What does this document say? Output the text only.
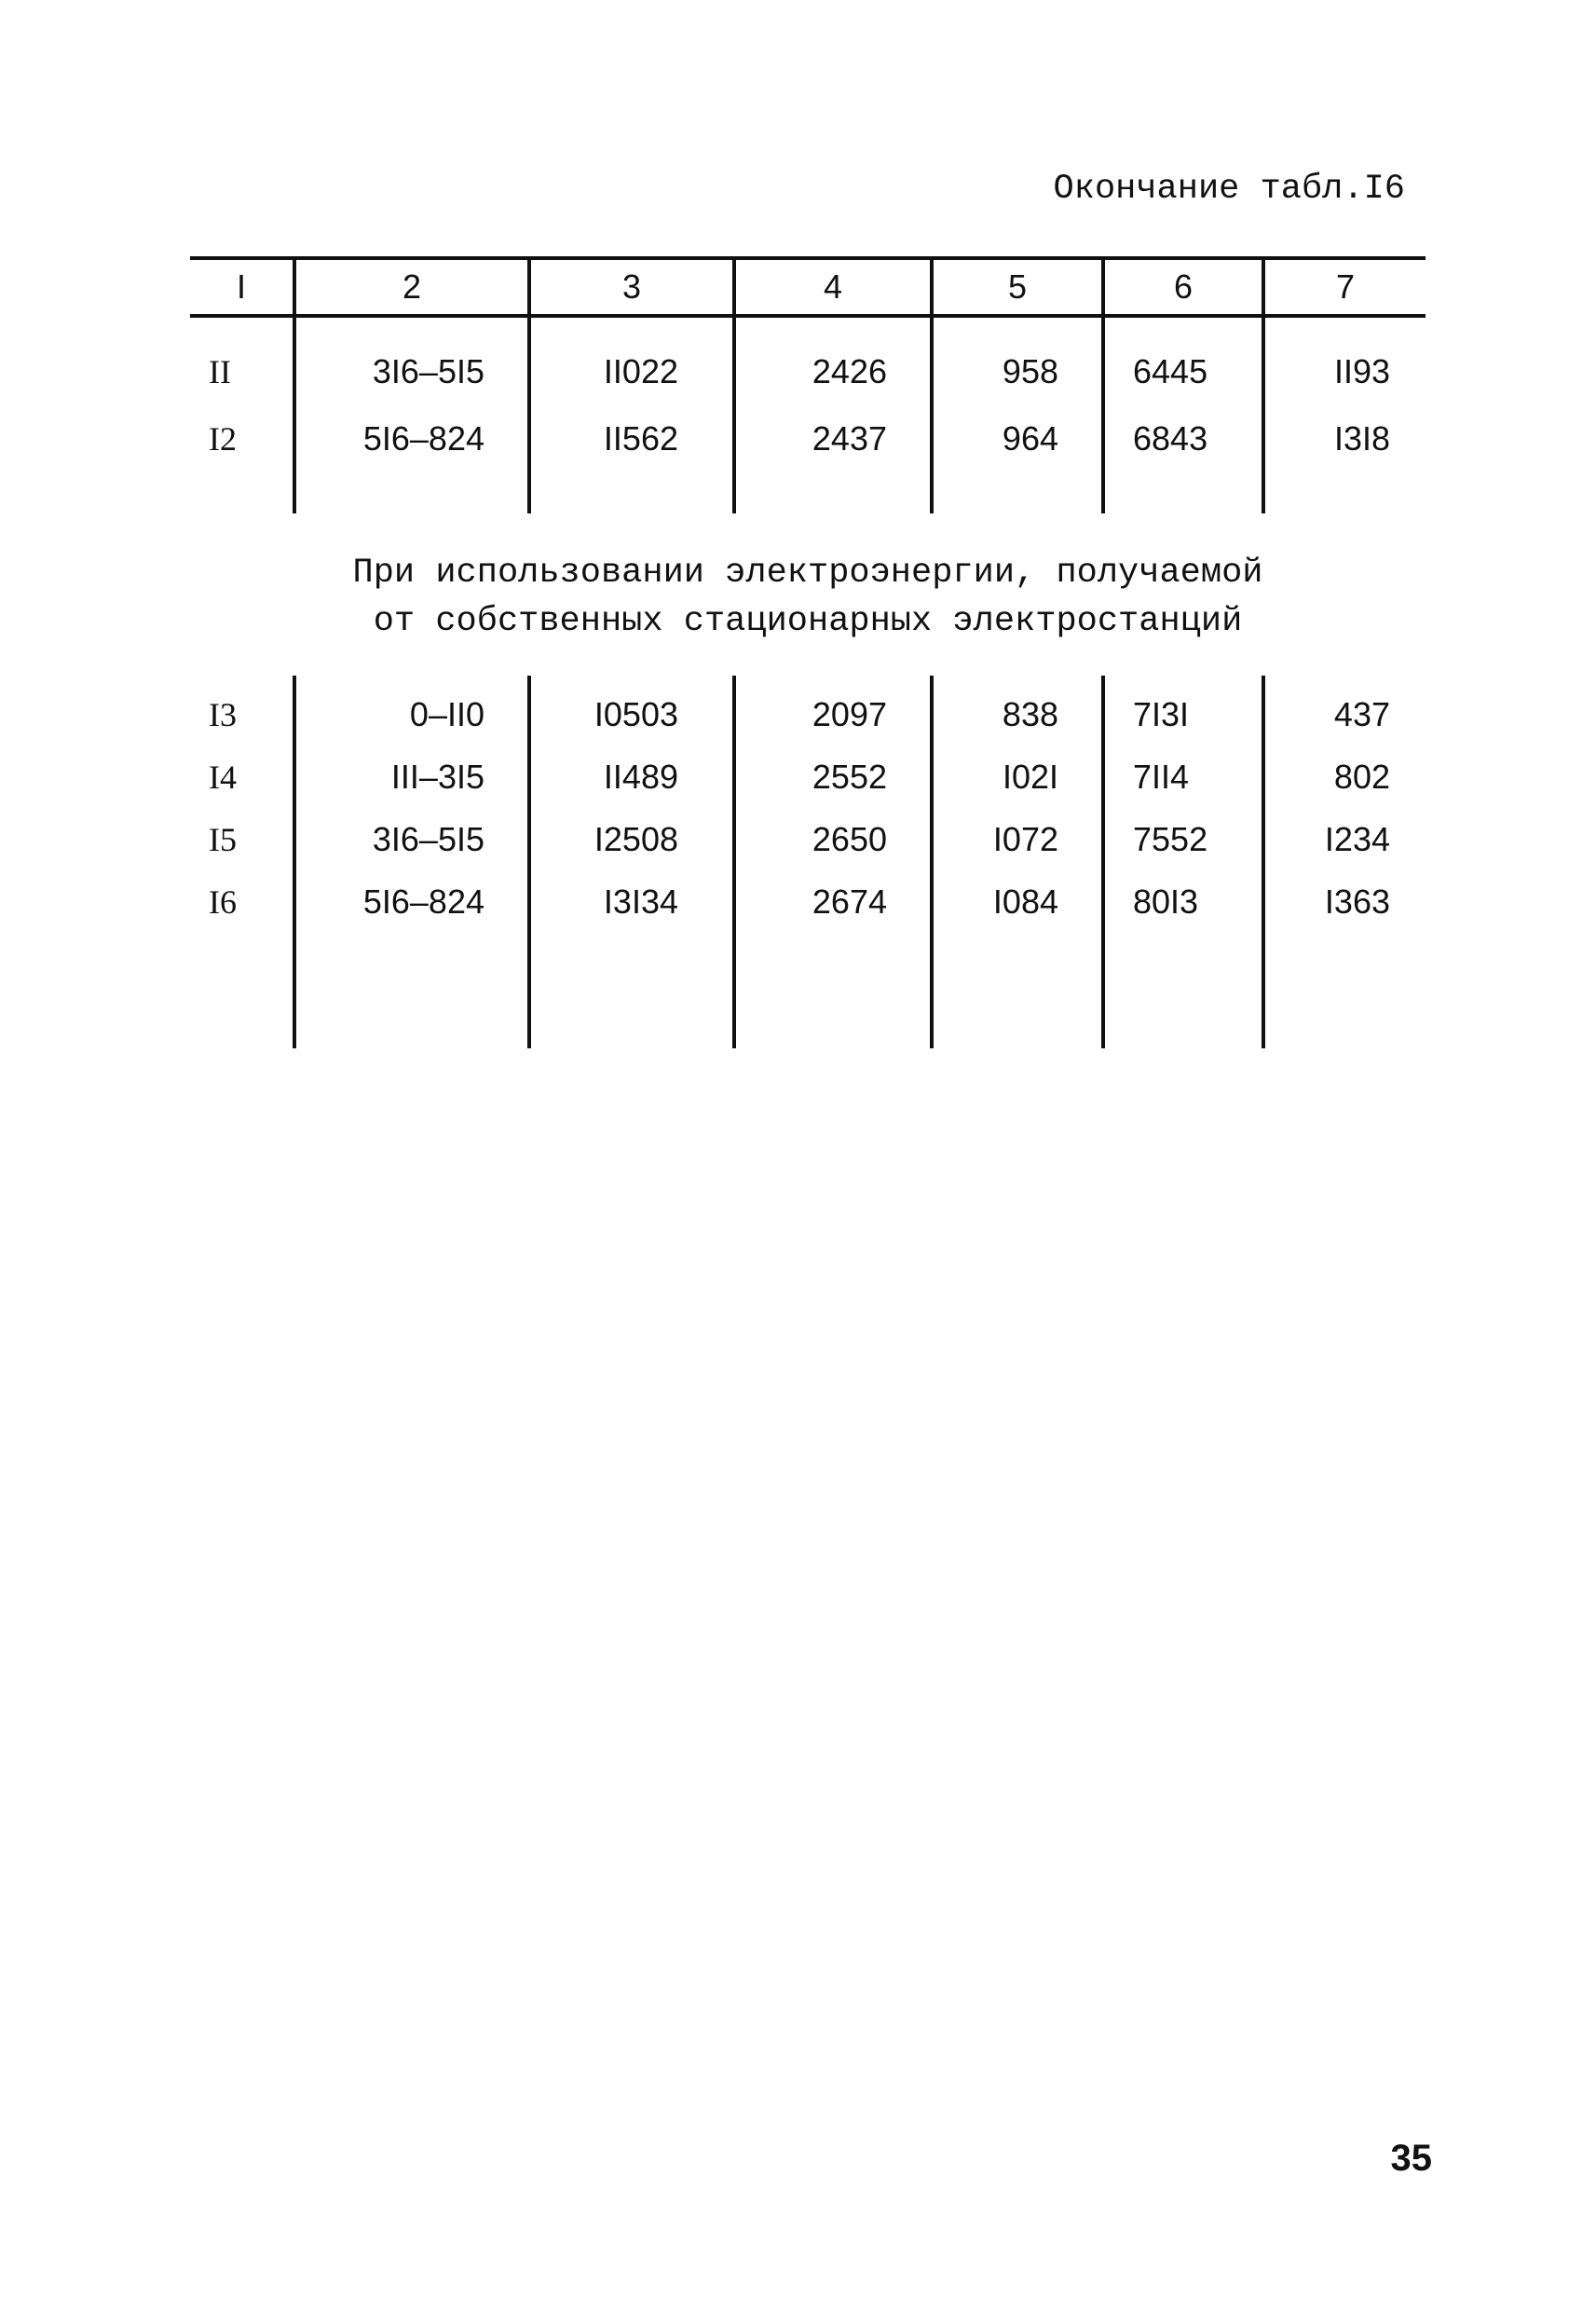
Окончание табл.І6
І	2	3	4	5	6	7
ІІ	3І6–5І5	ІІ022	2426	958	6445	ІІ93
І2	5І6–824	ІІ562	2437	964	6843	І3І8

При использовании электроэнергии, получаемой
от собственных стационарных электростанций						
І3	0–ІІ0	І0503	2097	838	7І3І	437
І4	ІІІ–3І5	ІІ489	2552	І02І	7ІІ4	802
І5	3І6–5І5	І2508	2650	І072	7552	І234
І6	5І6–824	І3І34	2674	І084	80І3	І363

35
